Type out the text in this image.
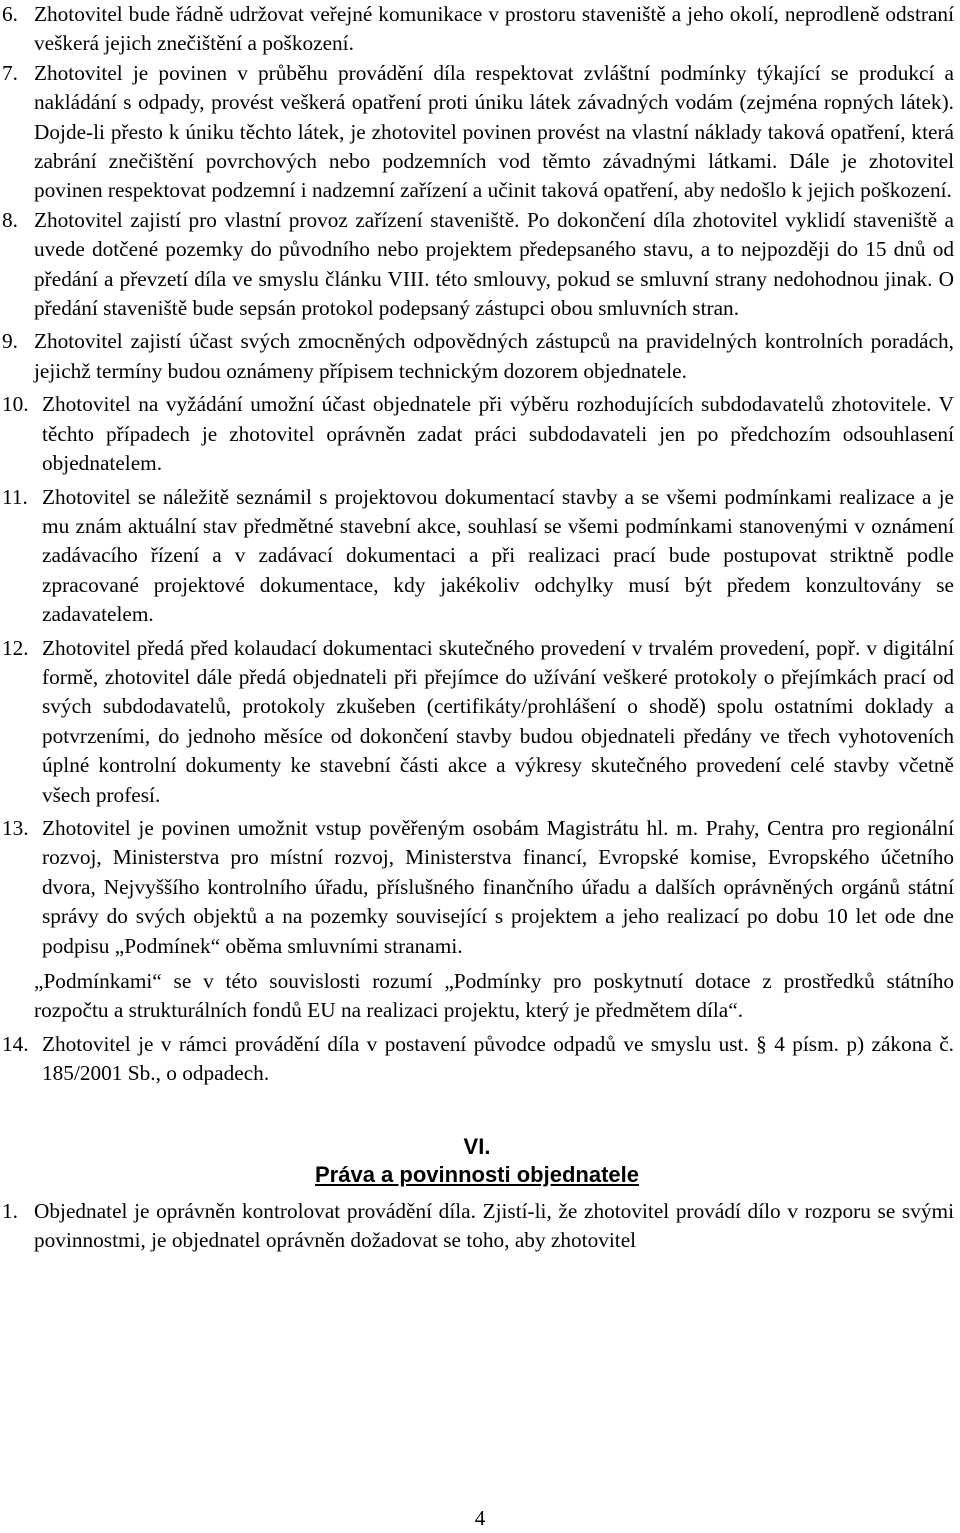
6. Zhotovitel bude řádně udržovat veřejné komunikace v prostoru staveniště a jeho okolí, neprodleně odstraní veškerá jejich znečištění a poškození.
7. Zhotovitel je povinen v průběhu provádění díla respektovat zvláštní podmínky týkající se produkcí a nakládání s odpady, provést veškerá opatření proti úniku látek závadných vodám (zejména ropných látek). Dojde-li přesto k úniku těchto látek, je zhotovitel povinen provést na vlastní náklady taková opatření, která zabrání znečištění povrchových nebo podzemních vod těmto závadnými látkami. Dále je zhotovitel povinen respektovat podzemní i nadzemní zařízení a učinit taková opatření, aby nedošlo k jejich poškození.
8. Zhotovitel zajistí pro vlastní provoz zařízení staveniště. Po dokončení díla zhotovitel vyklidí staveniště a uvede dotčené pozemky do původního nebo projektem předepsaného stavu, a to nejpozději do 15 dnů od předání a převzetí díla ve smyslu článku VIII. této smlouvy, pokud se smluvní strany nedohodnou jinak. O předání staveniště bude sepsán protokol podepsaný zástupci obou smluvních stran.
9. Zhotovitel zajistí účast svých zmocněných odpovědných zástupců na pravidelných kontrolních poradách, jejichž termíny budou oznámeny přípisem technickým dozorem objednatele.
10. Zhotovitel na vyžádání umožní účast objednatele při výběru rozhodujících subdodavatelů zhotovitele. V těchto případech je zhotovitel oprávněn zadat práci subdodavateli jen po předchozím odsouhlasení objednatelem.
11. Zhotovitel se náležitě seznámil s projektovou dokumentací stavby a se všemi podmínkami realizace a je mu znám aktuální stav předmětné stavební akce, souhlasí se všemi podmínkami stanovenými v oznámení zadávacího řízení a v zadávací dokumentaci a při realizaci prací bude postupovat striktně podle zpracované projektové dokumentace, kdy jakékoliv odchylky musí být předem konzultovány se zadavatelem.
12. Zhotovitel předá před kolaudací dokumentaci skutečného provedení v trvalém provedení, popř. v digitální formě, zhotovitel dále předá objednateli při přejímce do užívání veškeré protokoly o přejímkách prací od svých subdodavatelů, protokoly zkušeben (certifikáty/prohlášení o shodě) spolu ostatními doklady a potvrzeními, do jednoho měsíce od dokončení stavby budou objednateli předány ve třech vyhotoveních úplné kontrolní dokumenty ke stavební části akce a výkresy skutečného provedení celé stavby včetně všech profesí.
13. Zhotovitel je povinen umožnit vstup pověřeným osobám Magistrátu hl. m. Prahy, Centra pro regionální rozvoj, Ministerstva pro místní rozvoj, Ministerstva financí, Evropské komise, Evropského účetního dvora, Nejvyššího kontrolního úřadu, příslušného finančního úřadu a dalších oprávněných orgánů státní správy do svých objektů a na pozemky související s projektem a jeho realizací po dobu 10 let ode dne podpisu „Podmínek“ oběma smluvními stranami.
„Podmínkami“ se v této souvislosti rozumí „Podmínky pro poskytnutí dotace z prostředků státního rozpočtu a strukturálních fondů EU na realizaci projektu, který je předmětem díla“.
14. Zhotovitel je v rámci provádění díla v postavení původce odpadů ve smyslu ust. § 4 písm. p) zákona č. 185/2001 Sb., o odpadech.
VI.
Práva a povinnosti objednatele
1. Objednatel je oprávněn kontrolovat provádění díla. Zjistí-li, že zhotovitel provádí dílo v rozporu se svými povinnostmi, je objednatel oprávněn dožadovat se toho, aby zhotovitel
4
